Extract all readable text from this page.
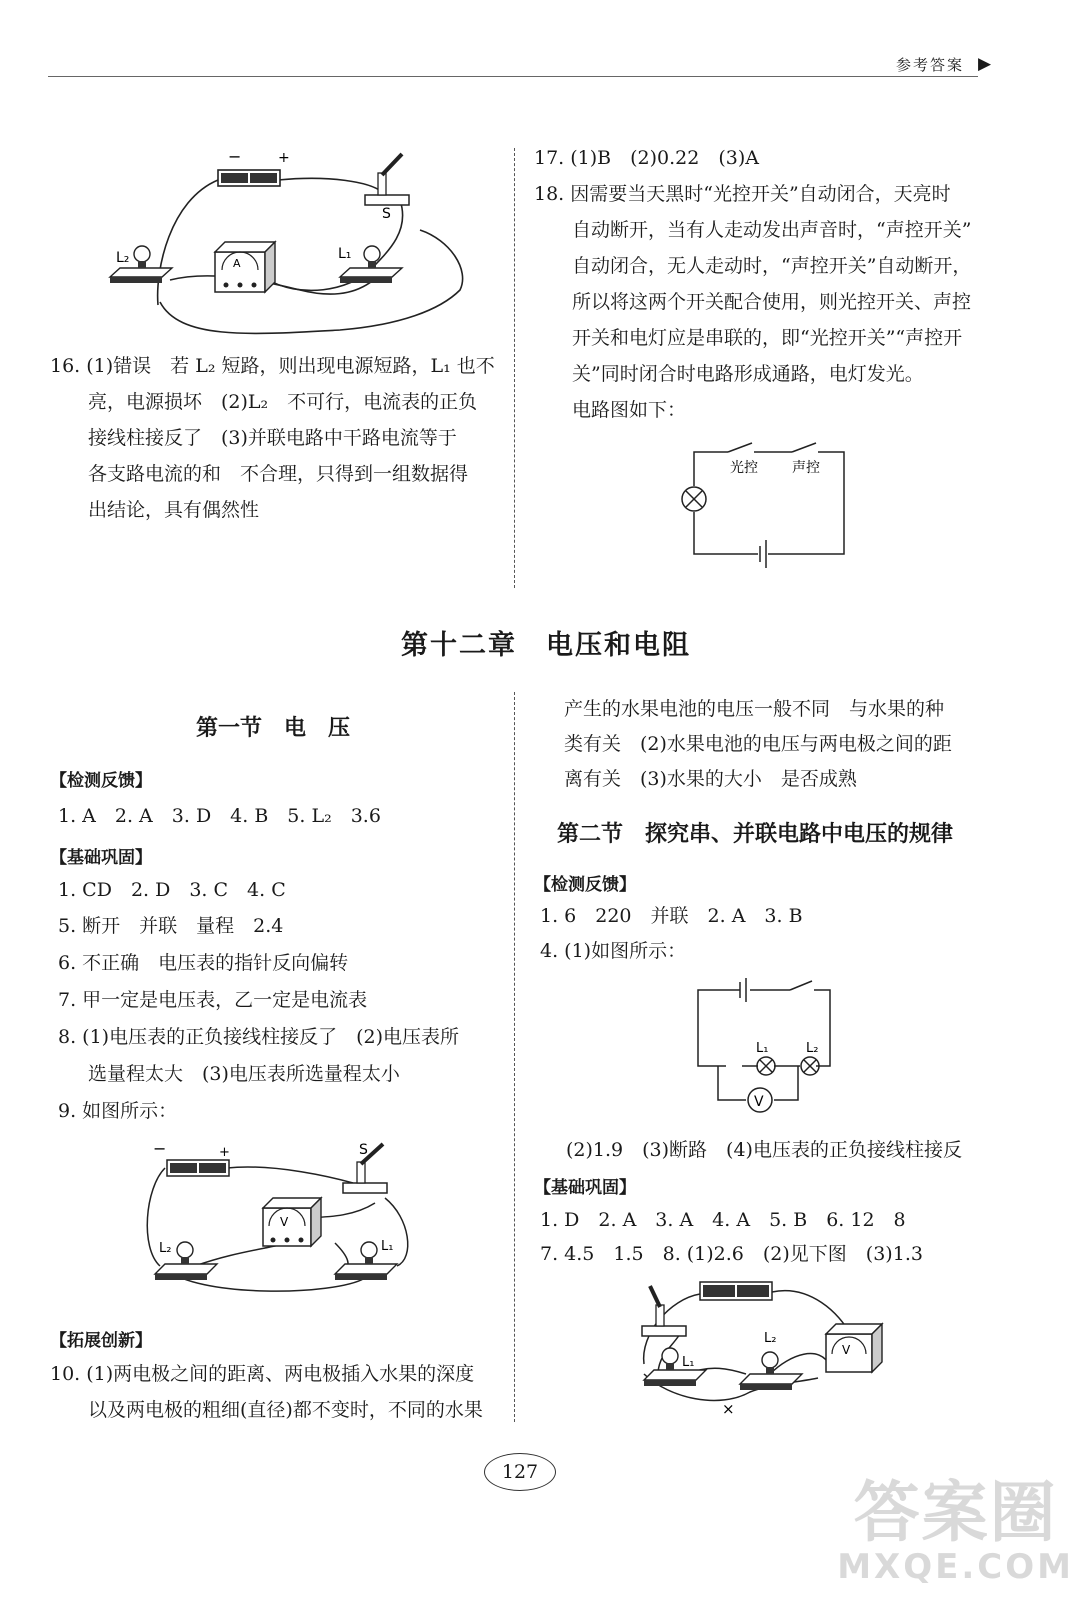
参考答案 ▶
−	+
S
L₂	L₁
A
16. (1)错误　若 L₂ 短路，则出现电源短路，L₁ 也不
亮，电源损坏　(2)L₂　不可行，电流表的正负
接线柱接反了　(3)并联电路中干路电流等于
各支路电流的和　不合理，只得到一组数据得
出结论，具有偶然性
17. (1)B　(2)0.22　(3)A
18. 因需要当天黑时“光控开关”自动闭合，天亮时
自动断开，当有人走动发出声音时，“声控开关”
自动闭合，无人走动时，“声控开关”自动断开，
所以将这两个开关配合使用，则光控开关、声控
开关和电灯应是串联的，即“光控开关”“声控开
关”同时闭合时电路形成通路，电灯发光。
电路图如下：
光控 声控
第十二章　电压和电阻
第一节　电　压
【检测反馈】
1. A　2. A　3. D　4. B　5. L₂　3.6
【基础巩固】
1. CD　2. D　3. C　4. C
5. 断开　并联　量程　2.4
6. 不正确　电压表的指针反向偏转
7. 甲一定是电压表，乙一定是电流表
8. (1)电压表的正负接线柱接反了　(2)电压表所
选量程太大　(3)电压表所选量程太小
9. 如图所示：
−	+	S
V
L₂	L₁
【拓展创新】
10. (1)两电极之间的距离、两电极插入水果的深度
以及两电极的粗细(直径)都不变时，不同的水果
产生的水果电池的电压一般不同　与水果的种
类有关　(2)水果电池的电压与两电极之间的距
离有关　(3)水果的大小　是否成熟
第二节　探究串、并联电路中电压的规律
【检测反馈】
1. 6　220　并联　2. A　3. B
4. (1)如图所示：
V
L₁	L₂
(2)1.9　(3)断路　(4)电压表的正负接线柱接反
【基础巩固】
1. D　2. A　3. A　4. A　5. B　6. 12　8
7. 4.5　1.5　8. (1)2.6　(2)见下图　(3)1.3
L₁
L₂
V
×
127
答案圈
MXQE.COM
